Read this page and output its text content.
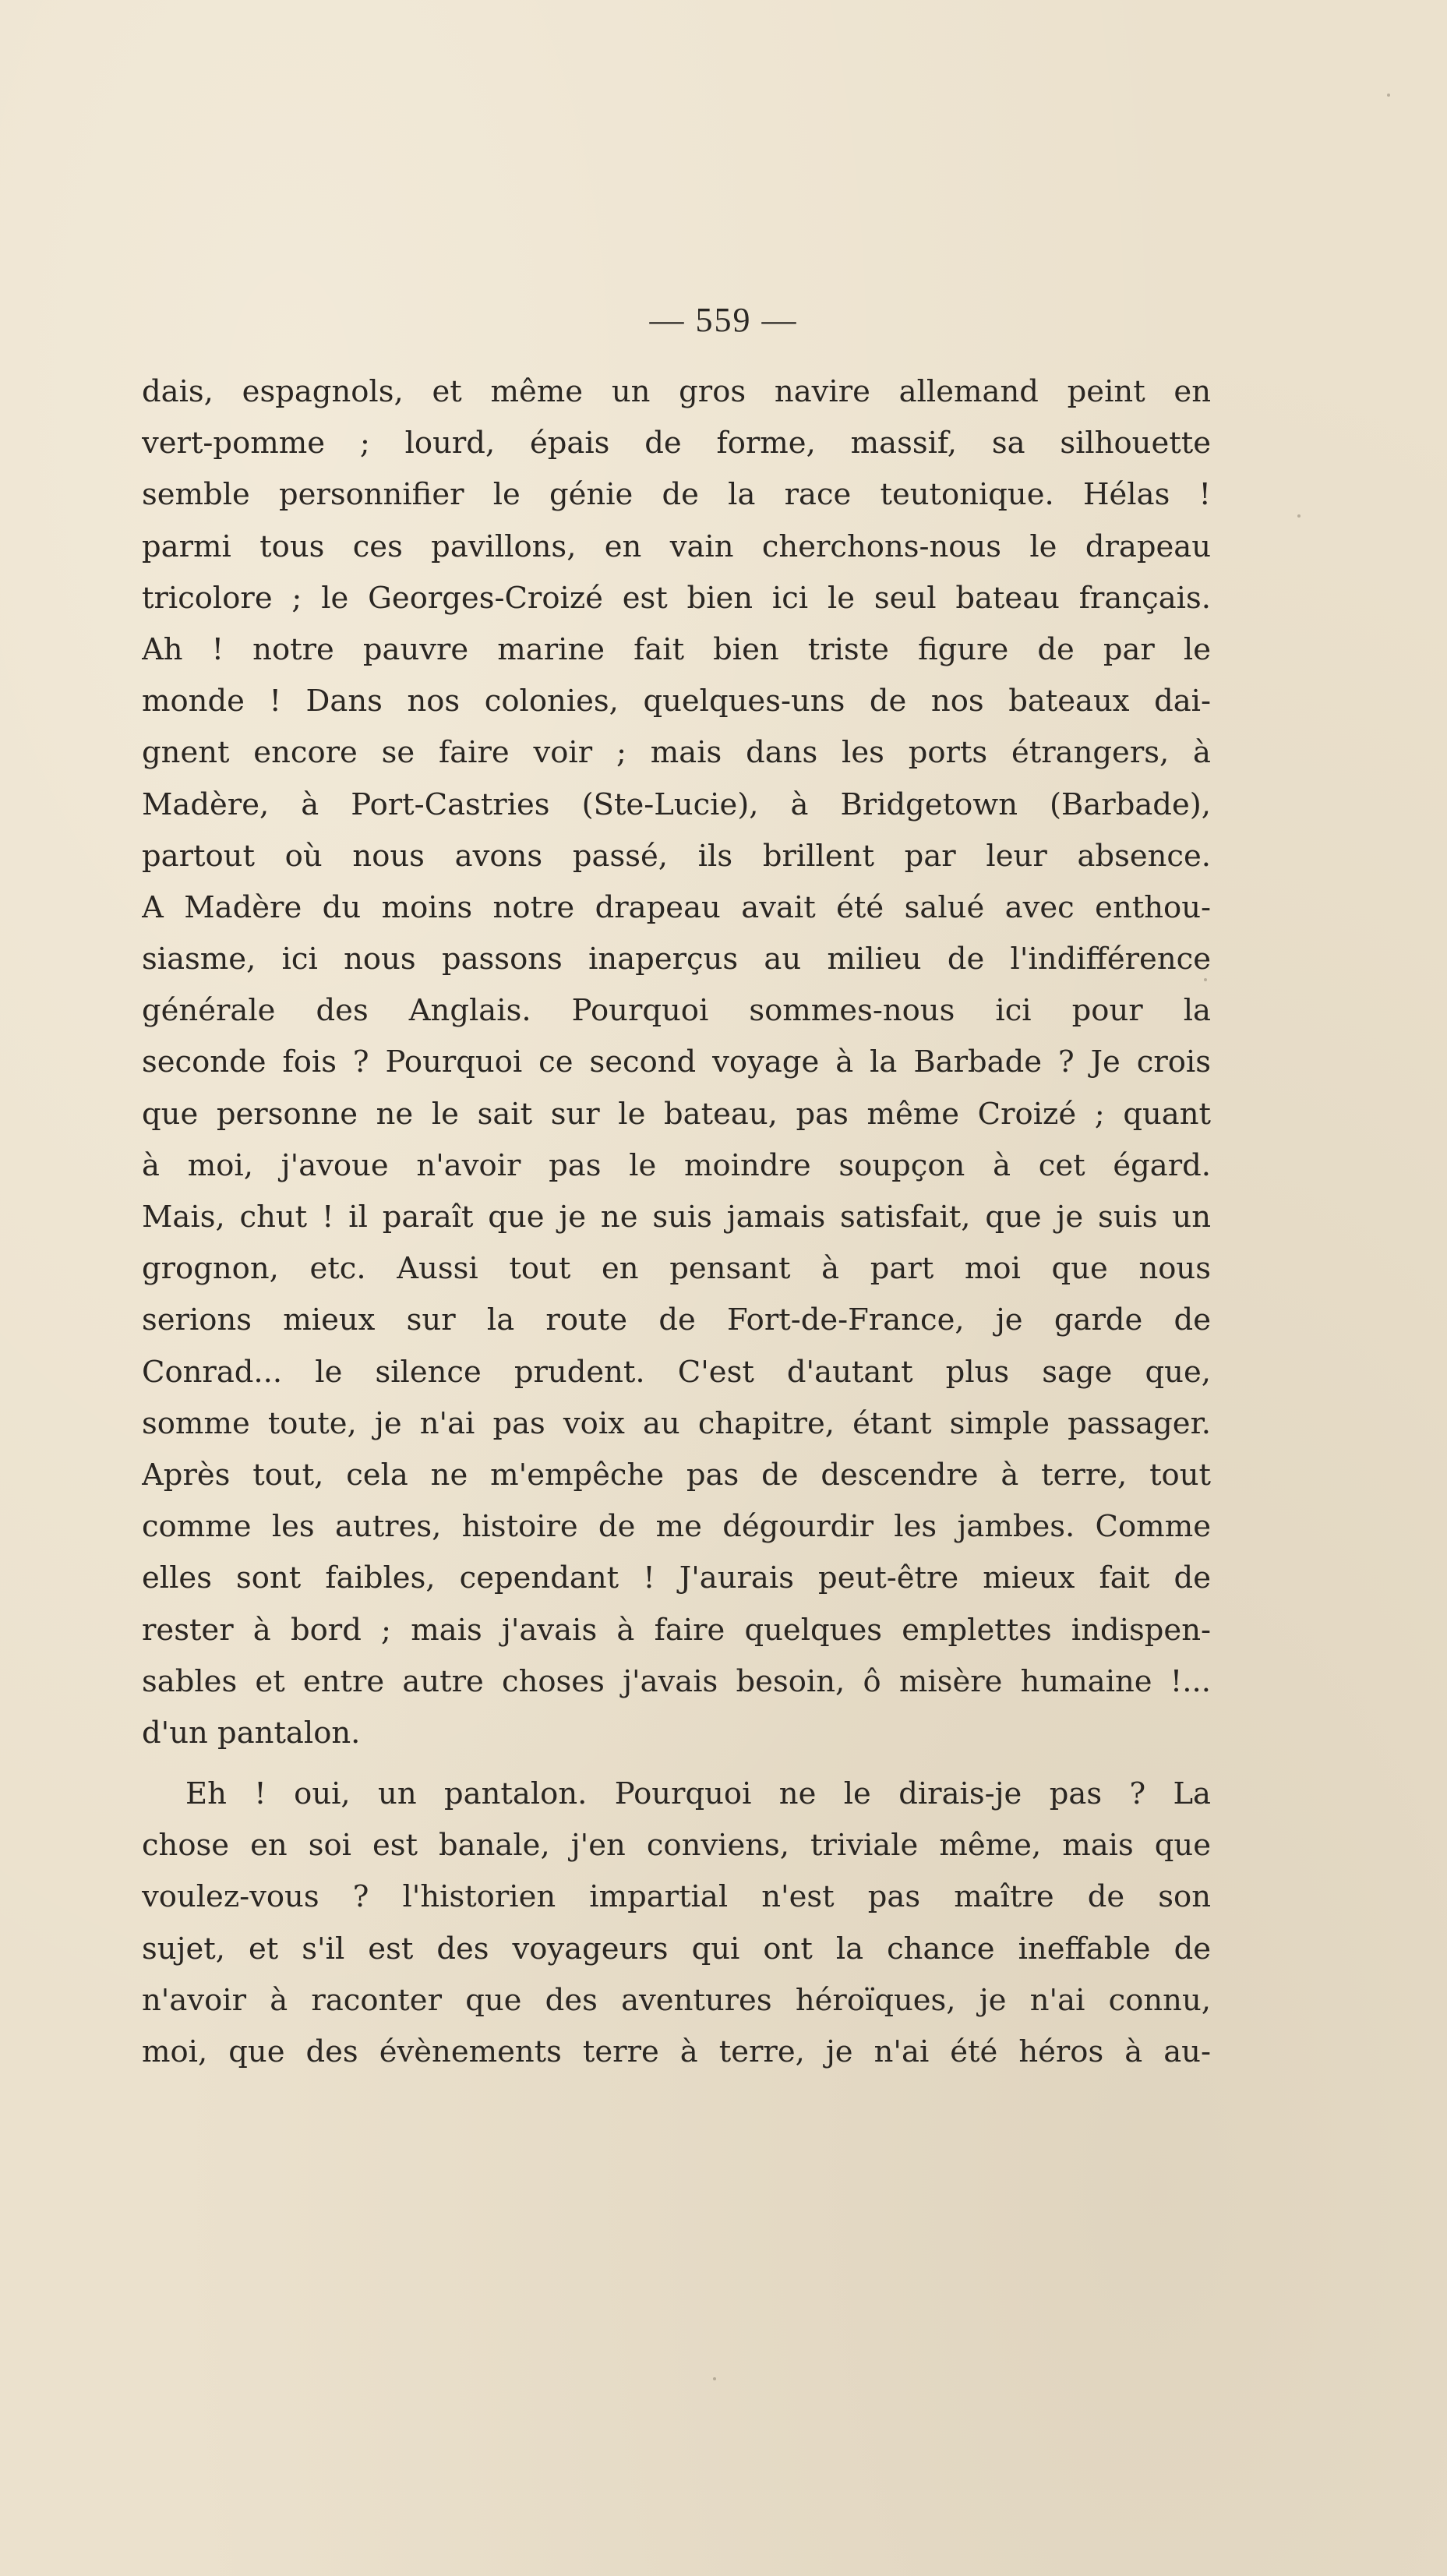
— 559 —
dais, espagnols, et même un gros navire allemand peint en
vert-pomme ; lourd, épais de forme, massif, sa silhouette
semble personnifier le génie de la race teutonique. Hélas !
parmi tous ces pavillons, en vain cherchons-nous le drapeau
tricolore ; le Georges-Croizé est bien ici le seul bateau français.
Ah ! notre pauvre marine fait bien triste figure de par le
monde ! Dans nos colonies, quelques-uns de nos bateaux dai-
gnent encore se faire voir ; mais dans les ports étrangers, à
Madère, à Port-Castries (Ste-Lucie), à Bridgetown (Barbade),
partout où nous avons passé, ils brillent par leur absence.
A Madère du moins notre drapeau avait été salué avec enthou-
siasme, ici nous passons inaperçus au milieu de l'indifférence
générale des Anglais. Pourquoi sommes-nous ici pour la
seconde fois ? Pourquoi ce second voyage à la Barbade ? Je crois
que personne ne le sait sur le bateau, pas même Croizé ; quant
à moi, j'avoue n'avoir pas le moindre soupçon à cet égard.
Mais, chut ! il paraît que je ne suis jamais satisfait, que je suis un
grognon, etc. Aussi tout en pensant à part moi que nous
serions mieux sur la route de Fort-de-France, je garde de
Conrad... le silence prudent. C'est d'autant plus sage que,
somme toute, je n'ai pas voix au chapitre, étant simple passager.
Après tout, cela ne m'empêche pas de descendre à terre, tout
comme les autres, histoire de me dégourdir les jambes. Comme
elles sont faibles, cependant ! J'aurais peut-être mieux fait de
rester à bord ; mais j'avais à faire quelques emplettes indispen-
sables et entre autre choses j'avais besoin, ô misère humaine !...
d'un pantalon.
Eh ! oui, un pantalon. Pourquoi ne le dirais-je pas ? La
chose en soi est banale, j'en conviens, triviale même, mais que
voulez-vous ? l'historien impartial n'est pas maître de son
sujet, et s'il est des voyageurs qui ont la chance ineffable de
n'avoir à raconter que des aventures héroïques, je n'ai connu,
moi, que des évènements terre à terre, je n'ai été héros à au-
